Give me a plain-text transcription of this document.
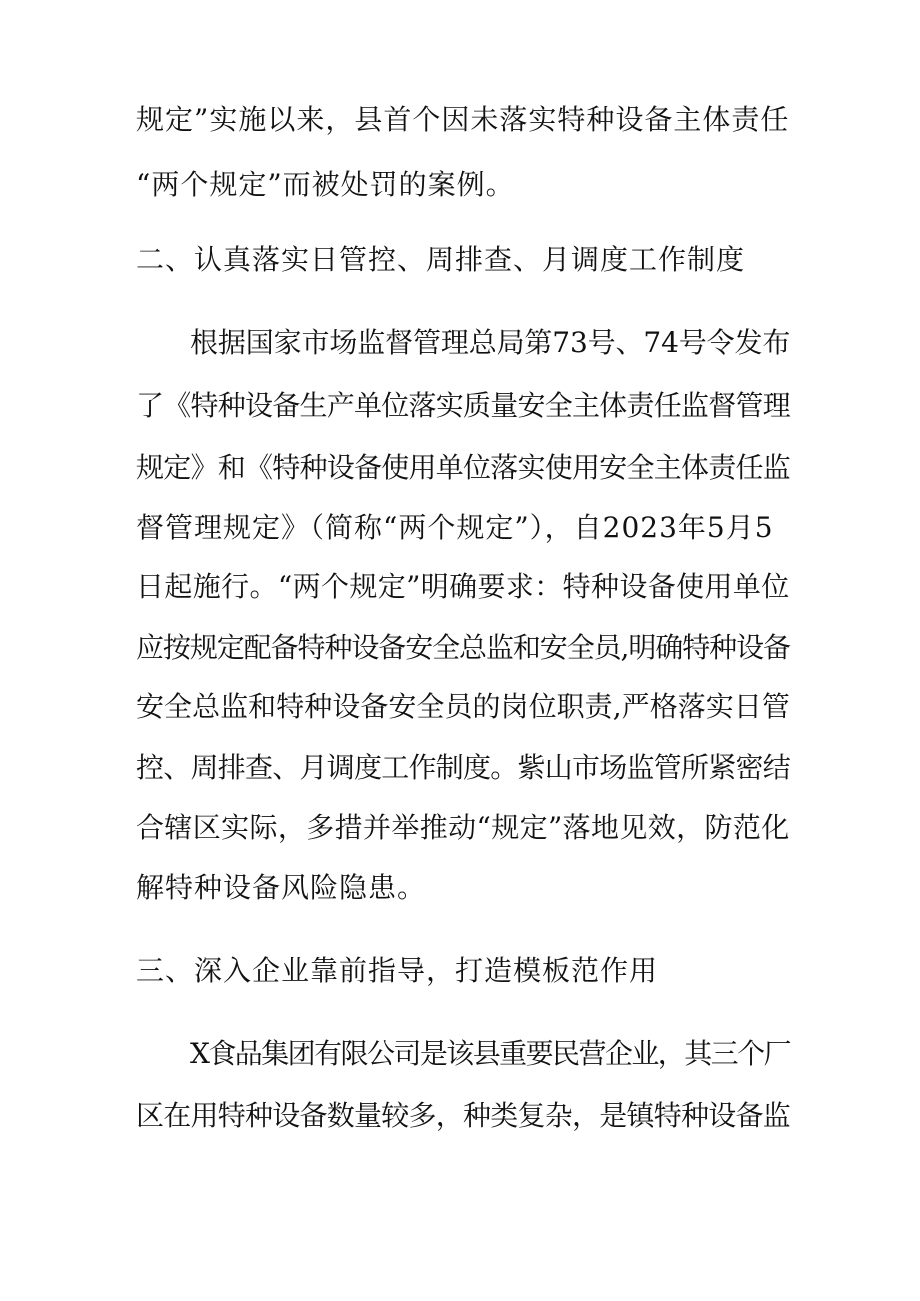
规定”实施以来，县首个因未落实特种设备主体责任
“两个规定”而被处罚的案例。
二、认真落实日管控、周排查、月调度工作制度
根据国家市场监督管理总局第73号、74号令发布
了《特种设备生产单位落实质量安全主体责任监督管理
规定》和《特种设备使用单位落实使用安全主体责任监
督管理规定》（简称“两个规定”），自2023年5月5
日起施行。“两个规定”明确要求：特种设备使用单位
应按规定配备特种设备安全总监和安全员,明确特种设备
安全总监和特种设备安全员的岗位职责,严格落实日管
控、周排查、月调度工作制度。紫山市场监管所紧密结
合辖区实际，多措并举推动“规定”落地见效，防范化
解特种设备风险隐患。
三、深入企业靠前指导，打造模板范作用
X食品集团有限公司是该县重要民营企业，其三个厂
区在用特种设备数量较多，种类复杂，是镇特种设备监
